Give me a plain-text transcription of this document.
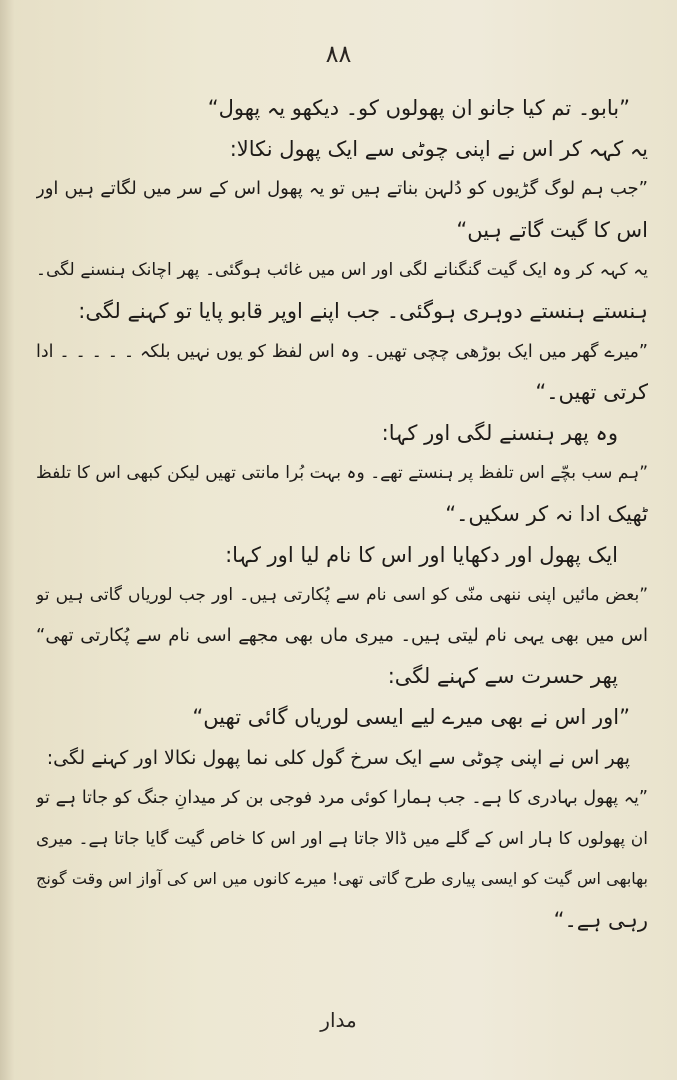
۸۸
”بابو۔ تم کیا جانو ان پھولوں کو۔ دیکھو یہ پھول“
یہ کہہ کر اس نے اپنی چوٹی سے ایک پھول نکالا:
”جب ہم لوگ گڑیوں کو دُلہن بناتے ہیں تو یہ پھول اس کے سر میں لگاتے ہیں اور
اس کا گیت گاتے ہیں“
یہ کہہ کر وہ ایک گیت گنگنانے لگی اور اس میں غائب ہوگئی۔ پھر اچانک ہنسنے لگی۔
ہنستے ہنستے دوہری ہوگئی۔ جب اپنے اوپر قابو پایا تو کہنے لگی:
”میرے گھر میں ایک بوڑھی چچی تھیں۔ وہ اس لفظ کو یوں نہیں بلکہ ۔ ۔ ۔ ۔ ۔ ادا
کرتی تھیں۔“
وہ پھر ہنسنے لگی اور کہا:
”ہم سب بچّے اس تلفظ پر ہنستے تھے۔ وہ بہت بُرا مانتی تھیں لیکن کبھی اس کا تلفظ
ٹھیک ادا نہ کر سکیں۔“
ایک پھول اور دکھایا اور اس کا نام لیا اور کہا:
”بعض مائیں اپنی ننھی منّی کو اسی نام سے پُکارتی ہیں۔ اور جب لوریاں گاتی ہیں تو
اس میں بھی یہی نام لیتی ہیں۔ میری ماں بھی مجھے اسی نام سے پُکارتی تھی“
پھر حسرت سے کہنے لگی:
”اور اس نے بھی میرے لیے ایسی لوریاں گائی تھیں“
پھر اس نے اپنی چوٹی سے ایک سرخ گول کلی نما پھول نکالا اور کہنے لگی:
”یہ پھول بہادری کا ہے۔ جب ہمارا کوئی مرد فوجی بن کر میدانِ جنگ کو جاتا ہے تو
ان پھولوں کا ہار اس کے گلے میں ڈالا جاتا ہے اور اس کا خاص گیت گایا جاتا ہے۔ میری
بھابھی اس گیت کو ایسی پیاری طرح گاتی تھی! میرے کانوں میں اس کی آواز اس وقت گونج
رہی ہے۔“
مدار
